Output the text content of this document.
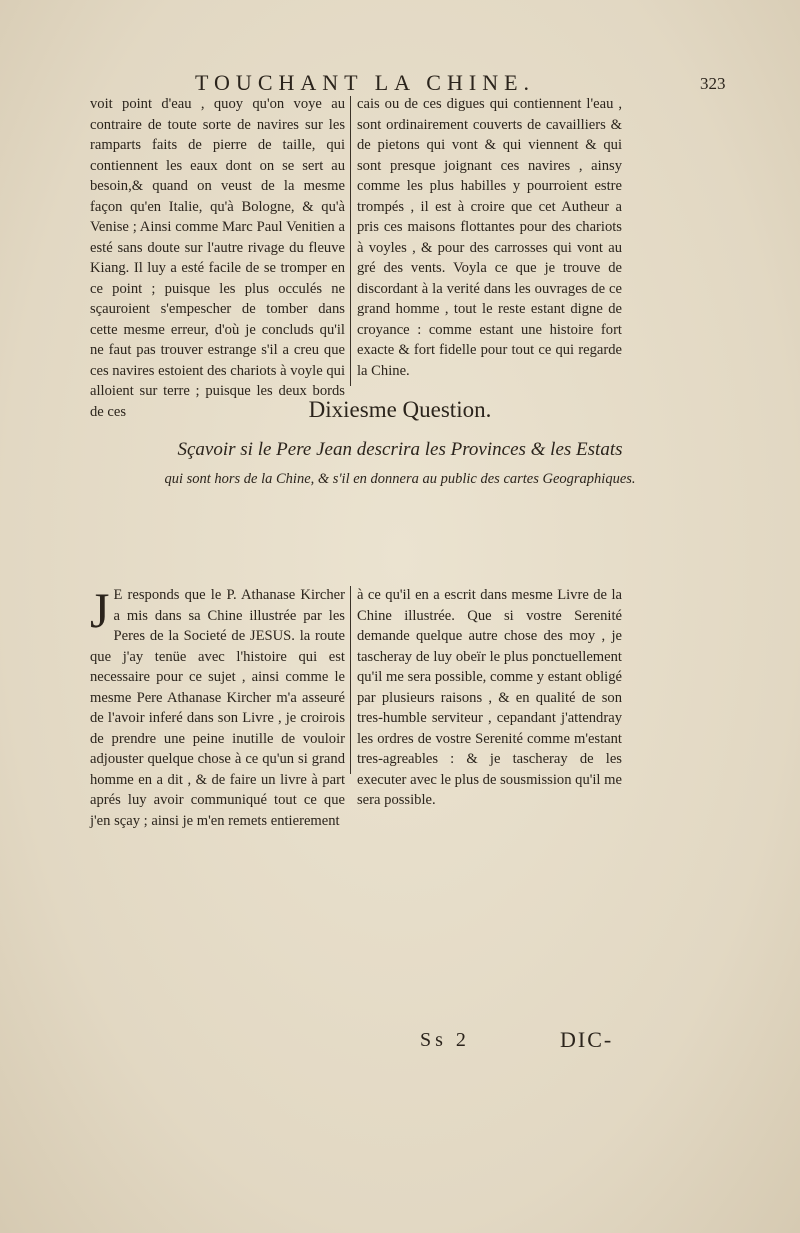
TOUCHANT LA CHINE.	323

voit point d'eau , quoy qu'on voye au contraire de toute sorte de navires sur les ramparts faits de pierre de taille, qui contiennent les eaux dont on se sert au besoin,& quand on veust de la mesme façon qu'en Italie, qu'à Bologne, & qu'à Venise ; Ainsi comme Marc Paul Venitien a esté sans doute sur l'autre rivage du fleuve Kiang. Il luy a esté facile de se tromper en ce point ; puisque les plus occulés ne sçauroient s'empescher de tomber dans cette mesme erreur, d'où je concluds qu'il ne faut pas trouver estrange s'il a creu que ces navires estoient des chariots à voyle qui alloient sur terre ; puisque les deux bords de ces

cais ou de ces digues qui contiennent l'eau , sont ordinairement couverts de cavailliers & de pietons qui vont & qui viennent & qui sont presque joignant ces navires , ainsy comme les plus habilles y pourroient estre trompés , il est à croire que cet Autheur a pris ces maisons flottantes pour des chariots à voyles , & pour des carrosses qui vont au gré des vents. Voyla ce que je trouve de discordant à la verité dans les ouvrages de ce grand homme , tout le reste estant digne de croyance : comme estant une histoire fort exacte & fort fidelle pour tout ce qui regarde la Chine.

Dixiesme Question.
Sçavoir si le Pere Jean descrira les Provinces & les Estats
qui sont hors de la Chine, & s'il en donnera au public des cartes Geographiques.
J E responds que le P. Athanase Kircher a mis dans sa Chine illustrée par les Peres de la Societé de JESUS. la route que j'ay tenüe avec l'histoire qui est necessaire pour ce sujet , ainsi comme le mesme Pere Athanase Kircher m'a asseuré de l'avoir inferé dans son Livre , je croirois de prendre une peine inutille de vouloir adjouster quelque chose à ce qu'un si grand homme en a dit , & de faire un livre à part aprés luy avoir communiqué tout ce que j'en sçay ; ainsi je m'en remets entierement

à ce qu'il en a escrit dans mesme Livre de la Chine illustrée. Que si vostre Serenité demande quelque autre chose des moy , je tascheray de luy obeïr le plus ponctuellement qu'il me sera possible, comme y estant obligé par plusieurs raisons , & en qualité de son tres-humble serviteur , cepandant j'attendray les ordres de vostre Serenité comme m'estant tres-agreables : & je tascheray de les executer avec le plus de sousmission qu'il me sera possible.

Ss 2	DIC-
